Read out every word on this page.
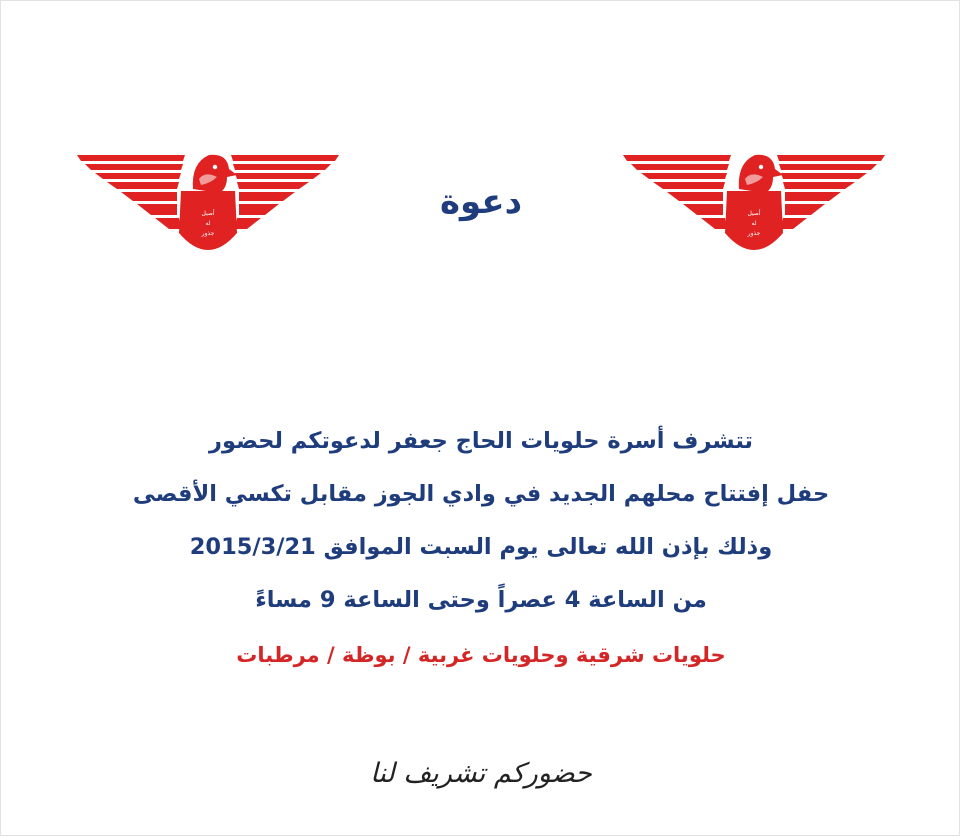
أصيل
له
جذور
أصيل
له
جذور
دعوة
تتشرف أسرة حلويات الحاج جعفر لدعوتكم لحضور
حفل إفتتاح محلهم الجديد في وادي الجوز مقابل تكسي الأقصى
وذلك بإذن الله تعالى يوم السبت الموافق 2015/3/21
من الساعة 4 عصراً وحتى الساعة 9 مساءً
حلويات شرقية وحلويات غربية / بوظة / مرطبات
حضوركم تشريف لنا
